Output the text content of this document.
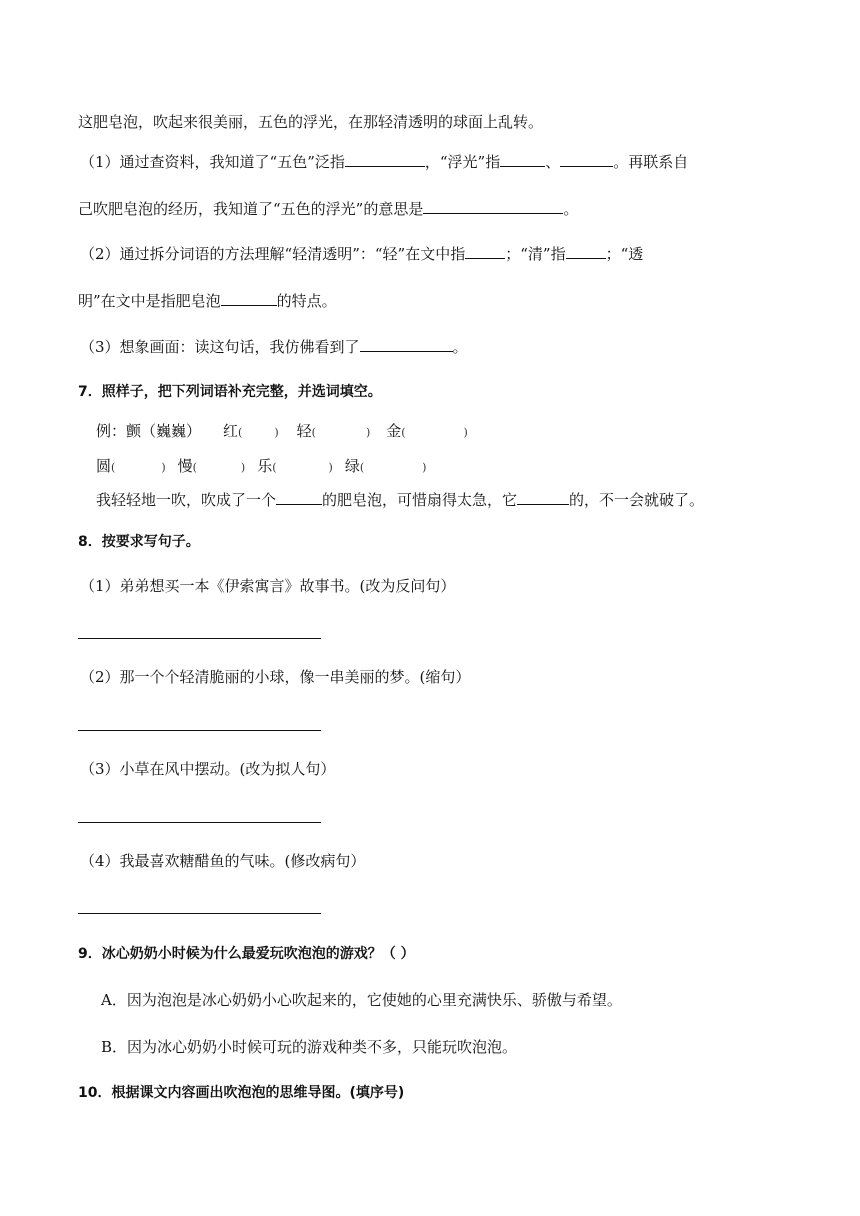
这肥皂泡，吹起来很美丽，五色的浮光，在那轻清透明的球面上乱转。
（1）通过查资料，我知道了“五色”泛指	，“浮光”指	、	。再联系自
己吹肥皂泡的经历，我知道了“五色的浮光”的意思是	。
（2）通过拆分词语的方法理解“轻清透明”：“轻”在文中指	；“清”指	；“透
明”在文中是指肥皂泡	的特点。
（3）想象画面：读这句话，我仿佛看到了	。
7．照样子，把下列词语补充完整，并选词填空。
例：颤（巍巍） 红(	) 轻(	) 金(	)
圆(	) 慢(	) 乐(	) 绿(	)
我轻轻地一吹，吹成了一个	的肥皂泡，可惜扇得太急，它	的，不一会就破了。
8．按要求写句子。
（1）弟弟想买一本《伊索寓言》故事书。(改为反问句）
（2）那一个个轻清脆丽的小球，像一串美丽的梦。(缩句）
（3）小草在风中摆动。(改为拟人句）
（4）我最喜欢糖醋鱼的气味。(修改病句）
9．冰心奶奶小时候为什么最爱玩吹泡泡的游戏？（ ）
A．因为泡泡是冰心奶奶小心吹起来的，它使她的心里充满快乐、骄傲与希望。
B．因为冰心奶奶小时候可玩的游戏种类不多，只能玩吹泡泡。
10．根据课文内容画出吹泡泡的思维导图。(填序号)
